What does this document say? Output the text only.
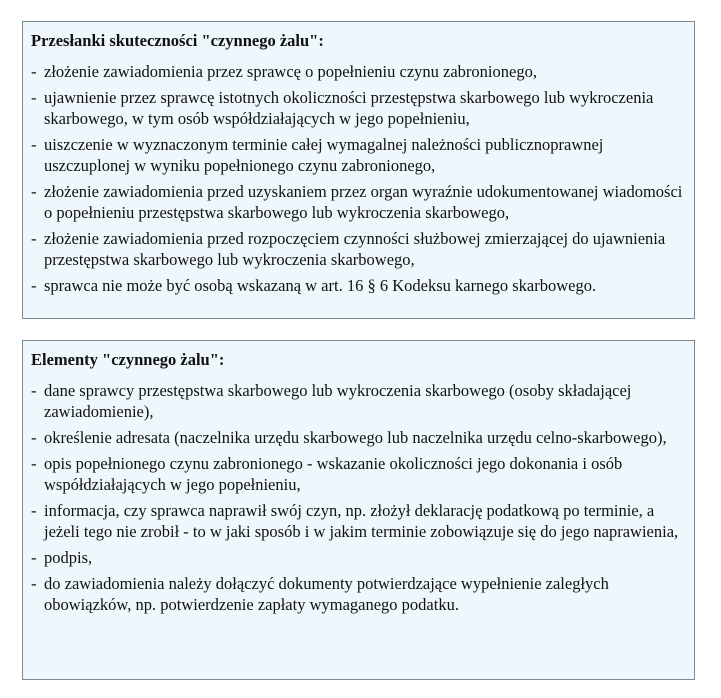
Przesłanki skuteczności "czynnego żalu":
- złożenie zawiadomienia przez sprawcę o popełnieniu czynu zabronionego,
- ujawnienie przez sprawcę istotnych okoliczności przestępstwa skarbowego lub wykroczenia skarbowego, w tym osób współdziałających w jego popełnieniu,
- uiszczenie w wyznaczonym terminie całej wymagalnej należności publicznoprawnej uszczuplonej w wyniku popełnionego czynu zabronionego,
- złożenie zawiadomienia przed uzyskaniem przez organ wyraźnie udokumentowanej wiadomości o popełnieniu przestępstwa skarbowego lub wykroczenia skarbowego,
- złożenie zawiadomienia przed rozpoczęciem czynności służbowej zmierzającej do ujawnienia przestępstwa skarbowego lub wykroczenia skarbowego,
- sprawca nie może być osobą wskazaną w art. 16 § 6 Kodeksu karnego skarbowego.
Elementy "czynnego żalu":
- dane sprawcy przestępstwa skarbowego lub wykroczenia skarbowego (osoby składającej zawiadomienie),
- określenie adresata (naczelnika urzędu skarbowego lub naczelnika urzędu celno-skarbowego),
- opis popełnionego czynu zabronionego - wskazanie okoliczności jego dokonania i osób współdziałających w jego popełnieniu,
- informacja, czy sprawca naprawił swój czyn, np. złożył deklarację podatkową po terminie, a jeżeli tego nie zrobił - to w jaki sposób i w jakim terminie zobowiązuje się do jego naprawienia,
- podpis,
- do zawiadomienia należy dołączyć dokumenty potwierdzające wypełnienie zaległych obowiązków, np. potwierdzenie zapłaty wymaganego podatku.
